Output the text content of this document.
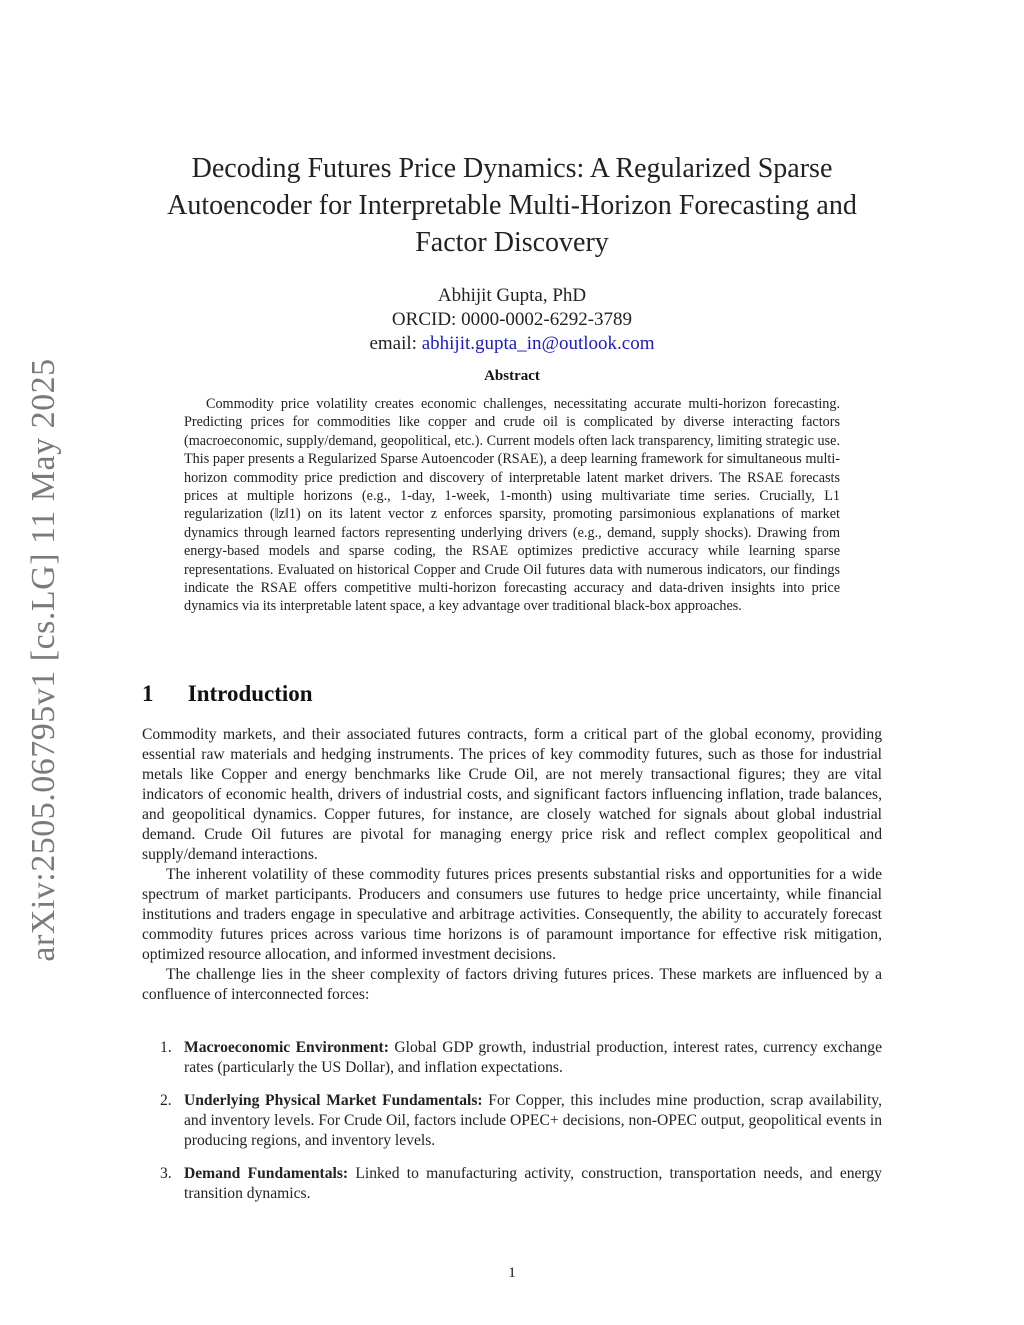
arXiv:2505.06795v1 [cs.LG] 11 May 2025
Decoding Futures Price Dynamics: A Regularized Sparse Autoencoder for Interpretable Multi-Horizon Forecasting and Factor Discovery
Abhijit Gupta, PhD
ORCID: 0000-0002-6292-3789
email: abhijit.gupta_in@outlook.com
Abstract
Commodity price volatility creates economic challenges, necessitating accurate multi-horizon forecasting. Predicting prices for commodities like copper and crude oil is complicated by diverse interacting factors (macroeconomic, supply/demand, geopolitical, etc.). Current models often lack transparency, limiting strategic use. This paper presents a Regularized Sparse Autoencoder (RSAE), a deep learning framework for simultaneous multi-horizon commodity price prediction and discovery of interpretable latent market drivers. The RSAE forecasts prices at multiple horizons (e.g., 1-day, 1-week, 1-month) using multivariate time series. Crucially, L1 regularization (‖z‖1) on its latent vector z enforces sparsity, promoting parsimonious explanations of market dynamics through learned factors representing underlying drivers (e.g., demand, supply shocks). Drawing from energy-based models and sparse coding, the RSAE optimizes predictive accuracy while learning sparse representations. Evaluated on historical Copper and Crude Oil futures data with numerous indicators, our findings indicate the RSAE offers competitive multi-horizon forecasting accuracy and data-driven insights into price dynamics via its interpretable latent space, a key advantage over traditional black-box approaches.
1 Introduction

Commodity markets, and their associated futures contracts, form a critical part of the global economy, providing essential raw materials and hedging instruments. The prices of key commodity futures, such as those for industrial metals like Copper and energy benchmarks like Crude Oil, are not merely transactional figures; they are vital indicators of economic health, drivers of industrial costs, and significant factors influencing inflation, trade balances, and geopolitical dynamics. Copper futures, for instance, are closely watched for signals about global industrial demand. Crude Oil futures are pivotal for managing energy price risk and reflect complex geopolitical and supply/demand interactions.

The inherent volatility of these commodity futures prices presents substantial risks and opportunities for a wide spectrum of market participants. Producers and consumers use futures to hedge price uncertainty, while financial institutions and traders engage in speculative and arbitrage activities. Consequently, the ability to accurately forecast commodity futures prices across various time horizons is of paramount importance for effective risk mitigation, optimized resource allocation, and informed investment decisions.

The challenge lies in the sheer complexity of factors driving futures prices. These markets are influenced by a confluence of interconnected forces:

1. Macroeconomic Environment: Global GDP growth, industrial production, interest rates, currency exchange rates (particularly the US Dollar), and inflation expectations.
2. Underlying Physical Market Fundamentals: For Copper, this includes mine production, scrap availability, and inventory levels. For Crude Oil, factors include OPEC+ decisions, non-OPEC output, geopolitical events in producing regions, and inventory levels.
3. Demand Fundamentals: Linked to manufacturing activity, construction, transportation needs, and energy transition dynamics.
1
